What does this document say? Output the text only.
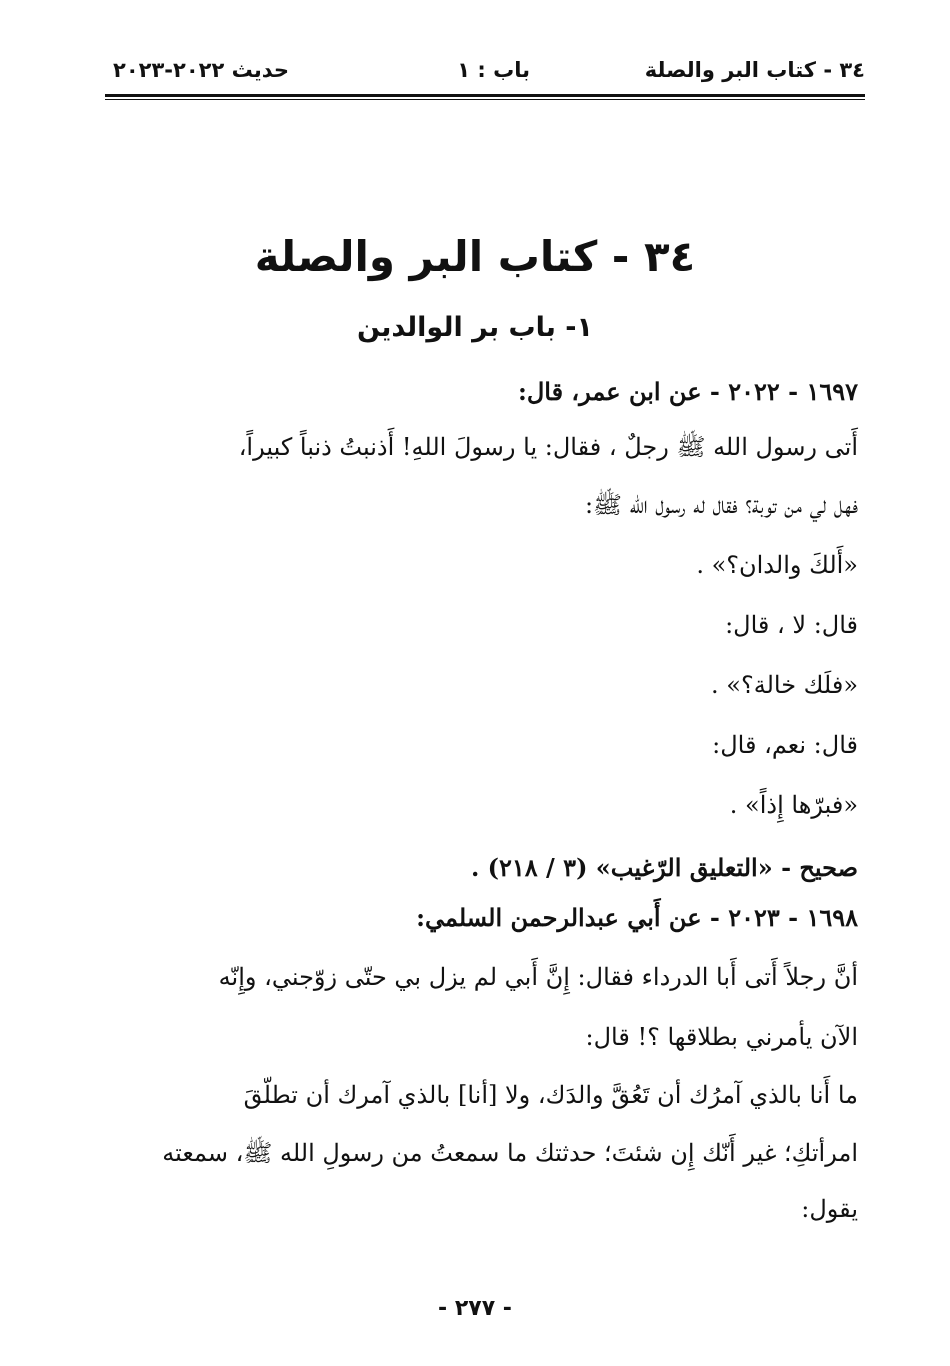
٣٤ - كتاب البر والصلة
باب : ١
حديث ٢٠٢٢-٢٠٢٣
٣٤ - كتاب البر والصلة
١- باب بر الوالدين
١٦٩٧ - ٢٠٢٢ - عن ابن عمر، قال:
أَتى رسول الله ﷺ رجلٌ ، فقال: يا رسولَ اللهِ! أَذنبتُ ذنباً كبيراً،
فهل لي من توبة؟ فقال له رسول الله ﷺ:
«أَلكَ والدان؟» .
قال: لا ، قال:
«فلَك خالة؟» .
قال: نعم، قال:
«فبرّها إِذاً» .
صحيح - «التعليق الرّغيب» (٣ / ٢١٨) .
١٦٩٨ - ٢٠٢٣ - عن أَبي عبدالرحمن السلمي:
أنَّ رجلاً أَتى أَبا الدرداء فقال: إِنَّ أَبي لم يزل بي حتّى زوّجني، وإِنّه
الآن يأمرني بطلاقها ؟! قال:
ما أَنا بالذي آمرُك أن تَعُقَّ والدَك، ولا [أنا] بالذي آمرك أن تطلّقَ
امرأتكِ؛ غير أَنّك إِن شئتَ؛ حدثتك ما سمعتُ من رسولِ الله ﷺ، سمعته
يقول:
- ٢٧٧ -
